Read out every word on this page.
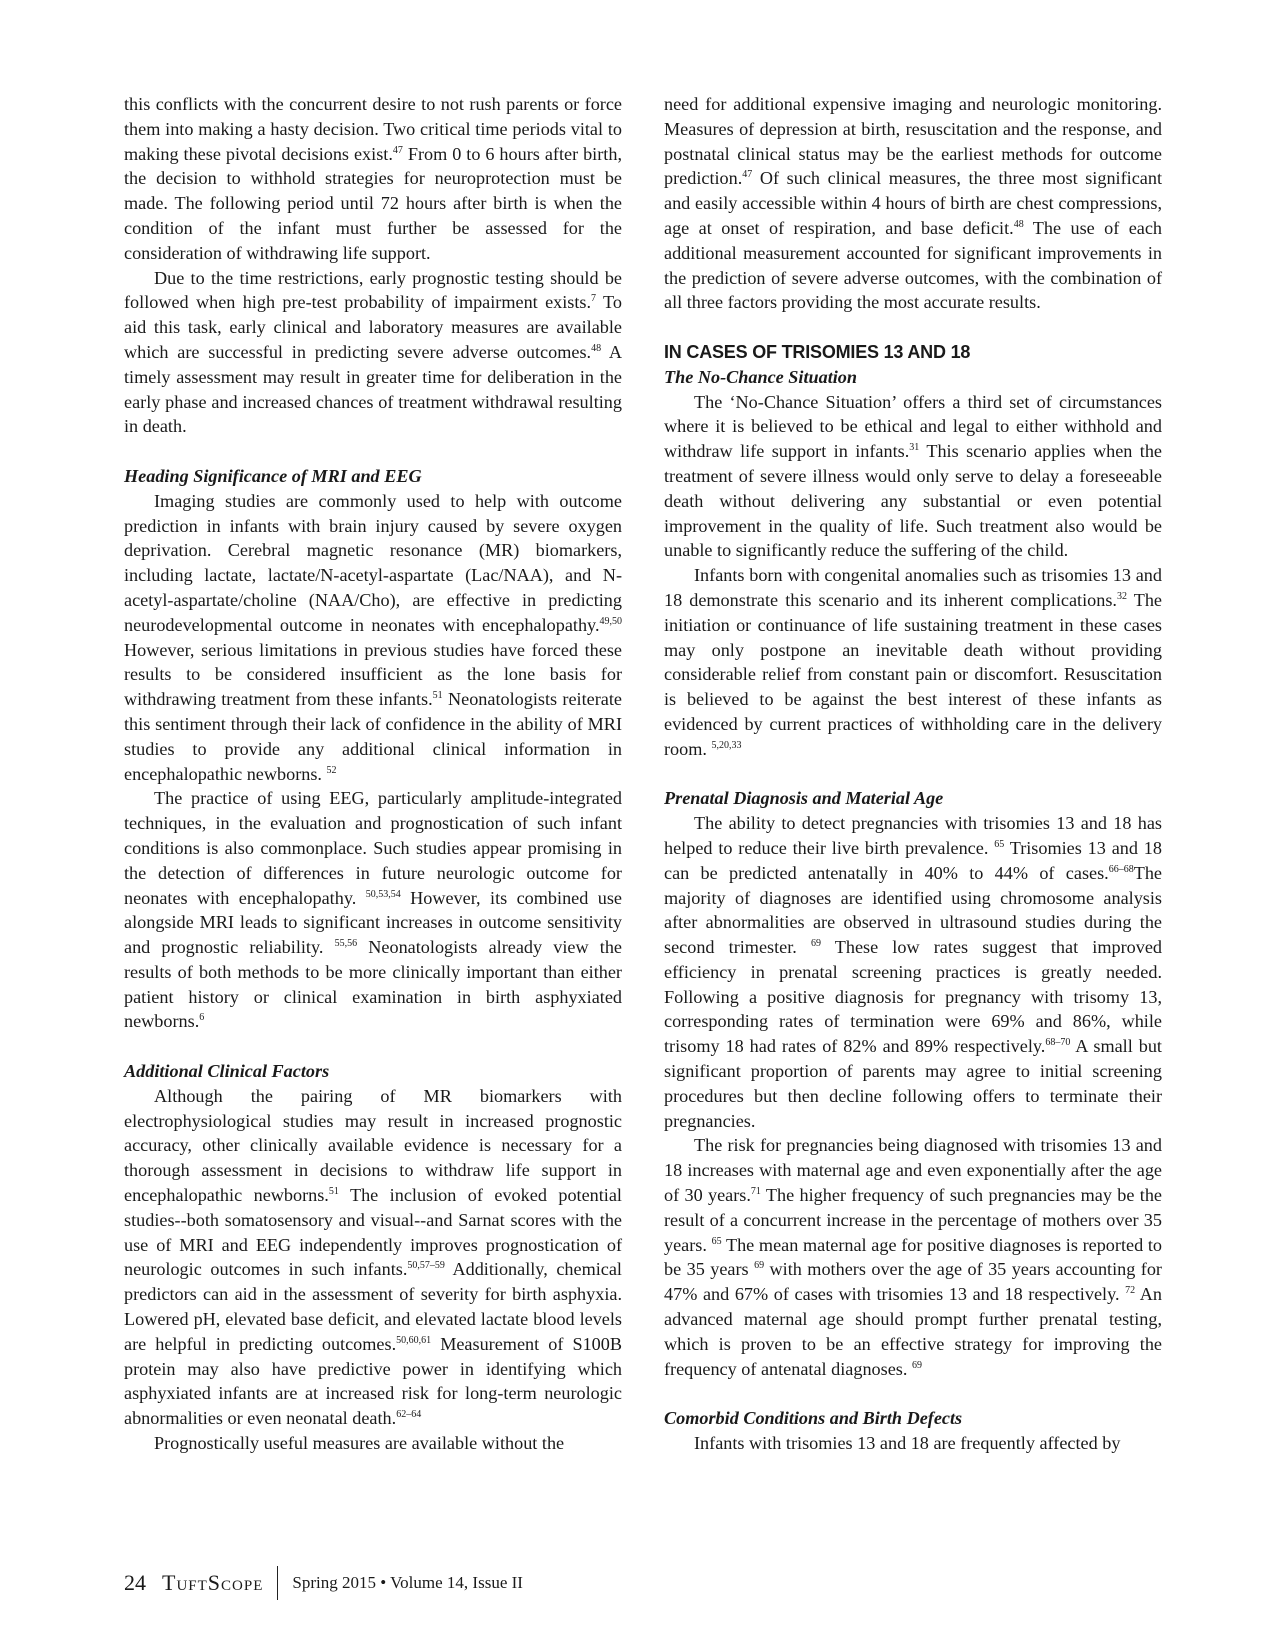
this conflicts with the concurrent desire to not rush parents or force them into making a hasty decision. Two critical time periods vital to making these pivotal decisions exist.$^{47}$ From 0 to 6 hours after birth, the decision to withhold strategies for neuroprotection must be made. The following period until 72 hours after birth is when the condition of the infant must further be assessed for the consideration of withdrawing life support.

Due to the time restrictions, early prognostic testing should be followed when high pre-test probability of impairment exists.$^7$ To aid this task, early clinical and laboratory measures are available which are successful in predicting severe adverse outcomes.$^{48}$ A timely assessment may result in greater time for deliberation in the early phase and increased chances of treatment withdrawal resulting in death.

Heading Significance of MRI and EEG

Imaging studies are commonly used to help with outcome prediction in infants with brain injury caused by severe oxygen deprivation. Cerebral magnetic resonance (MR) biomarkers, including lactate, lactate/N-acetyl-aspartate (Lac/NAA), and N-acetyl-aspartate/choline (NAA/Cho), are effective in predicting neurodevelopmental outcome in neonates with encephalopathy.$^{49,50}$ However, serious limitations in previous studies have forced these results to be considered insufficient as the lone basis for withdrawing treatment from these infants.$^{51}$ Neonatologists reiterate this sentiment through their lack of confidence in the ability of MRI studies to provide any additional clinical information in encephalopathic newborns. $^{52}$

The practice of using EEG, particularly amplitude-integrated techniques, in the evaluation and prognostication of such infant conditions is also commonplace. Such studies appear promising in the detection of differences in future neurologic outcome for neonates with encephalopathy. $^{50,53,54}$ However, its combined use alongside MRI leads to significant increases in outcome sensitivity and prognostic reliability. $^{55,56}$ Neonatologists already view the results of both methods to be more clinically important than either patient history or clinical examination in birth asphyxiated newborns.$^6$

Additional Clinical Factors

Although the pairing of MR biomarkers with electrophysiological studies may result in increased prognostic accuracy, other clinically available evidence is necessary for a thorough assessment in decisions to withdraw life support in encephalopathic newborns.$^{51}$ The inclusion of evoked potential studies--both somatosensory and visual--and Sarnat scores with the use of MRI and EEG independently improves prognostication of neurologic outcomes in such infants.$^{50,57-59}$ Additionally, chemical predictors can aid in the assessment of severity for birth asphyxia. Lowered pH, elevated base deficit, and elevated lactate blood levels are helpful in predicting outcomes.$^{50,60,61}$ Measurement of S100B protein may also have predictive power in identifying which asphyxiated infants are at increased risk for long-term neurologic abnormalities or even neonatal death.$^{62-64}$

Prognostically useful measures are available without the

need for additional expensive imaging and neurologic monitoring. Measures of depression at birth, resuscitation and the response, and postnatal clinical status may be the earliest methods for outcome prediction.$^{47}$ Of such clinical measures, the three most significant and easily accessible within 4 hours of birth are chest compressions, age at onset of respiration, and base deficit.$^{48}$ The use of each additional measurement accounted for significant improvements in the prediction of severe adverse outcomes, with the combination of all three factors providing the most accurate results.

IN CASES OF TRISOMIES 13 AND 18
The No-Chance Situation

The ‘No-Chance Situation’ offers a third set of circumstances where it is believed to be ethical and legal to either withhold and withdraw life support in infants.$^{31}$ This scenario applies when the treatment of severe illness would only serve to delay a foreseeable death without delivering any substantial or even potential improvement in the quality of life. Such treatment also would be unable to significantly reduce the suffering of the child.

Infants born with congenital anomalies such as trisomies 13 and 18 demonstrate this scenario and its inherent complications.$^{32}$ The initiation or continuance of life sustaining treatment in these cases may only postpone an inevitable death without providing considerable relief from constant pain or discomfort. Resuscitation is believed to be against the best interest of these infants as evidenced by current practices of withholding care in the delivery room. $^{5,20,33}$

Prenatal Diagnosis and Material Age

The ability to detect pregnancies with trisomies 13 and 18 has helped to reduce their live birth prevalence. $^{65}$ Trisomies 13 and 18 can be predicted antenatally in 40% to 44% of cases.$^{66-68}$The majority of diagnoses are identified using chromosome analysis after abnormalities are observed in ultrasound studies during the second trimester. $^{69}$ These low rates suggest that improved efficiency in prenatal screening practices is greatly needed. Following a positive diagnosis for pregnancy with trisomy 13, corresponding rates of termination were 69% and 86%, while trisomy 18 had rates of 82% and 89% respectively.$^{68-70}$ A small but significant proportion of parents may agree to initial screening procedures but then decline following offers to terminate their pregnancies.

The risk for pregnancies being diagnosed with trisomies 13 and 18 increases with maternal age and even exponentially after the age of 30 years.$^{71}$ The higher frequency of such pregnancies may be the result of a concurrent increase in the percentage of mothers over 35 years. $^{65}$ The mean maternal age for positive diagnoses is reported to be 35 years $^{69}$ with mothers over the age of 35 years accounting for 47% and 67% of cases with trisomies 13 and 18 respectively. $^{72}$ An advanced maternal age should prompt further prenatal testing, which is proven to be an effective strategy for improving the frequency of antenatal diagnoses. $^{69}$

Comorbid Conditions and Birth Defects

Infants with trisomies 13 and 18 are frequently affected by

24 TuftScope Spring 2015 • Volume 14, Issue II
